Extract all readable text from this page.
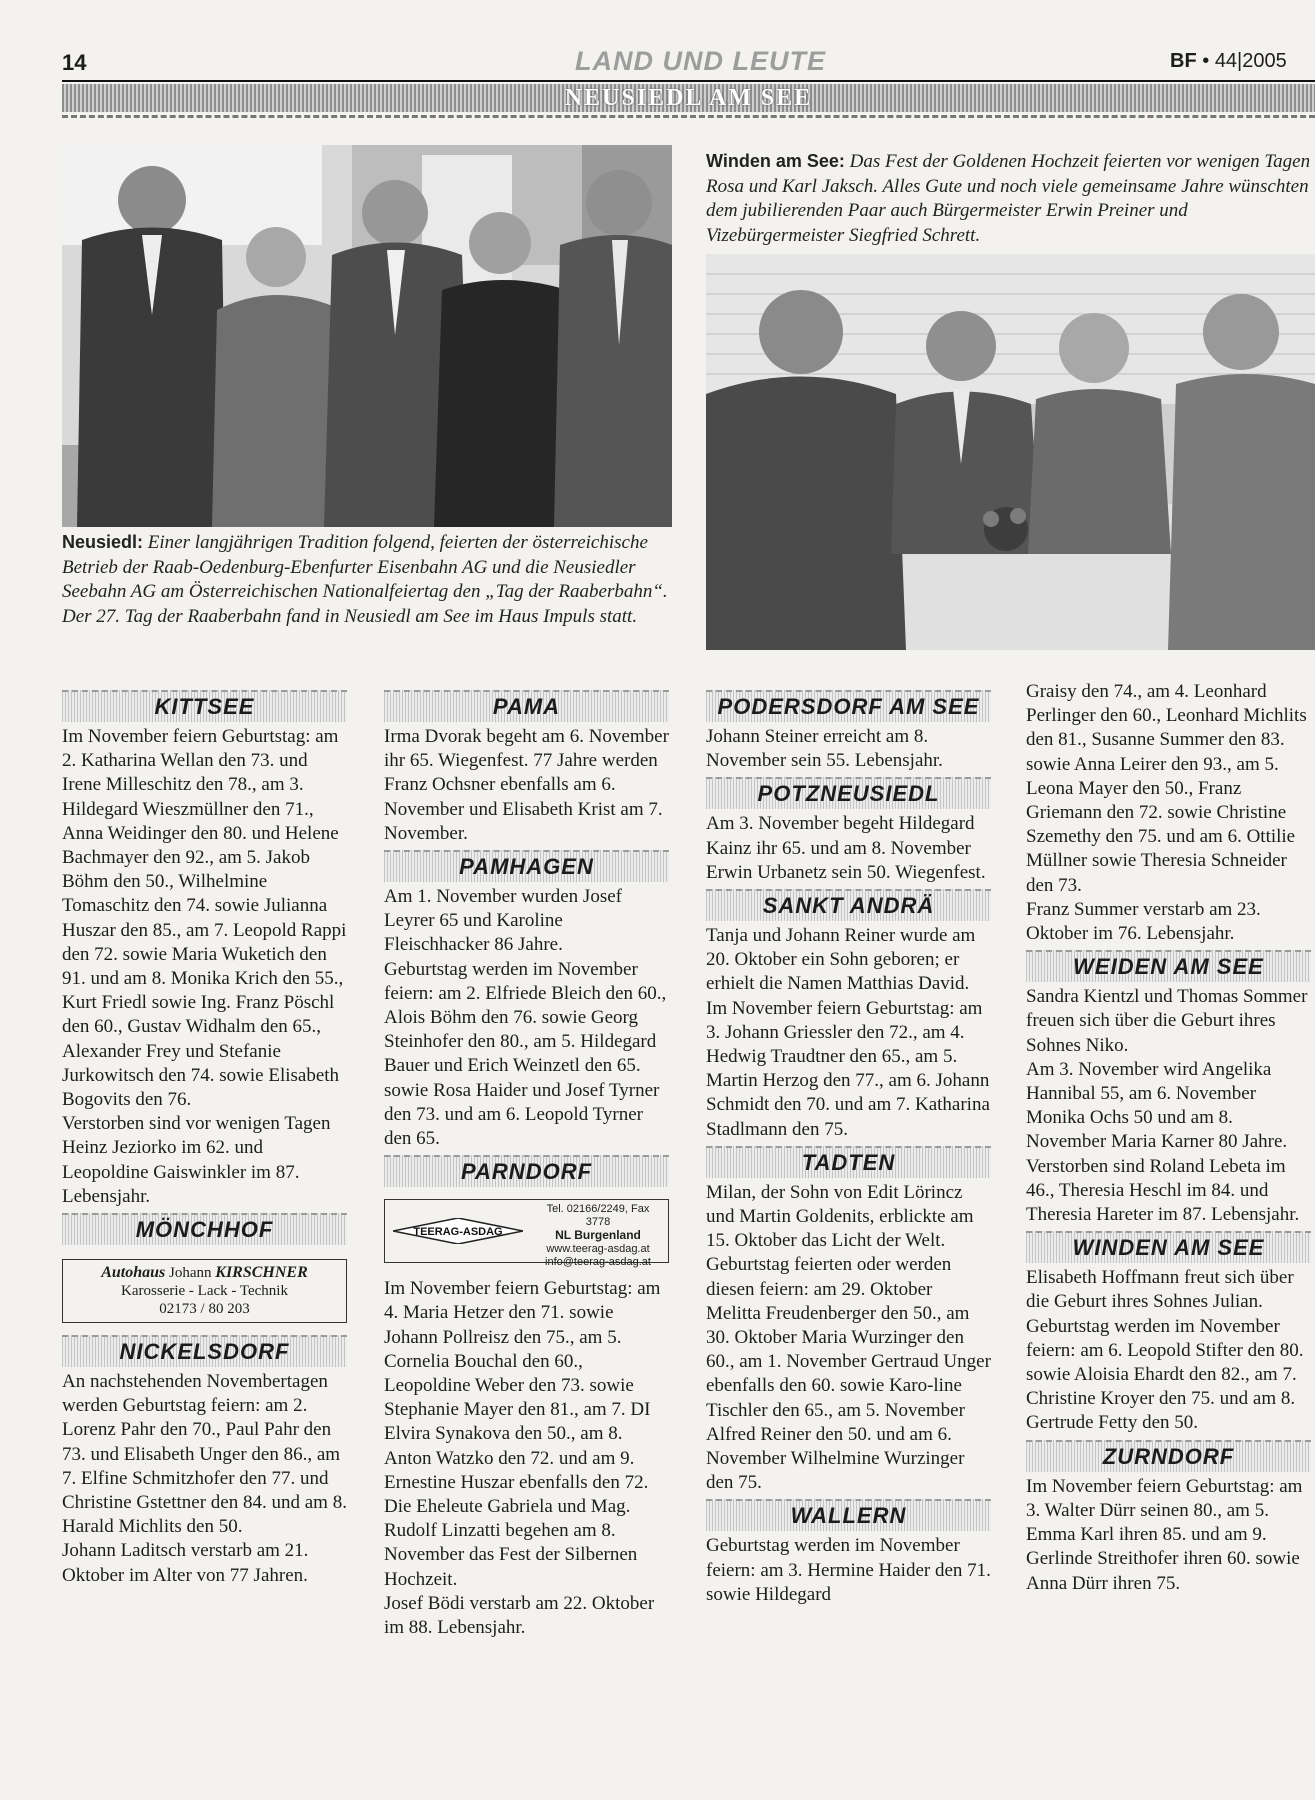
14	LAND UND LEUTE	BF • 44|2005
NEUSIEDL AM SEE
Neusiedl: Einer langjährigen Tradition folgend, feierten der österreichische Betrieb der Raab-Oedenburg-Ebenfurter Eisenbahn AG und die Neusiedler Seebahn AG am Österreichischen Nationalfeiertag den „Tag der Raaberbahn“. Der 27. Tag der Raaberbahn fand in Neusiedl am See im Haus Impuls statt.
Winden am See: Das Fest der Goldenen Hochzeit feierten vor wenigen Tagen Rosa und Karl Jaksch. Alles Gute und noch viele gemeinsame Jahre wünschten dem jubilierenden Paar auch Bürgermeister Erwin Preiner und Vizebürgermeister Siegfried Schrett.
KITTSEE

Im November feiern Geburtstag: am 2. Katharina Wellan den 73. und Irene Milleschitz den 78., am 3. Hildegard Wieszmüllner den 71., Anna Weidinger den 80. und Helene Bachmayer den 92., am 5. Jakob Böhm den 50., Wilhelmine Tomaschitz den 74. sowie Julianna Huszar den 85., am 7. Leopold Rappi den 72. sowie Maria Wuketich den 91. und am 8. Monika Krich den 55., Kurt Friedl sowie Ing. Franz Pöschl den 60., Gustav Widhalm den 65., Alexander Frey und Stefanie Jurkowitsch den 74. sowie Elisabeth Bogovits den 76.

Verstorben sind vor wenigen Tagen Heinz Jeziorko im 62. und Leopoldine Gaiswinkler im 87. Lebensjahr.

MÖNCHHOF
Autohaus Johann KIRSCHNER
Karosserie - Lack - Technik
02173 / 80 203
NICKELSDORF

An nachstehenden Novembertagen werden Geburtstag feiern: am 2. Lorenz Pahr den 70., Paul Pahr den 73. und Elisabeth Unger den 86., am 7. Elfine Schmitzhofer den 77. und Christine Gstettner den 84. und am 8. Harald Michlits den 50.

Johann Laditsch verstarb am 21. Oktober im Alter von 77 Jahren.

PAMA

Irma Dvorak begeht am 6. November ihr 65. Wiegenfest. 77 Jahre werden Franz Ochsner ebenfalls am 6. November und Elisabeth Krist am 7. November.

PAMHAGEN

Am 1. November wurden Josef Leyrer 65 und Karoline Fleischhacker 86 Jahre.

Geburtstag werden im November feiern: am 2. Elfriede Bleich den 60., Alois Böhm den 76. sowie Georg Steinhofer den 80., am 5. Hildegard Bauer und Erich Weinzetl den 65. sowie Rosa Haider und Josef Tyrner den 73. und am 6. Leopold Tyrner den 65.

PARNDORF
TEERAG-ASDAG
Tel. 02166/2249, Fax 3778
NL Burgenland
www.teerag-asdag.at
info@teerag-asdag.at

Im November feiern Geburtstag: am 4. Maria Hetzer den 71. sowie Johann Pollreisz den 75., am 5. Cornelia Bouchal den 60., Leopoldine Weber den 73. sowie Stephanie Mayer den 81., am 7. DI Elvira Synakova den 50., am 8. Anton Watzko den 72. und am 9. Ernestine Huszar ebenfalls den 72.

Die Eheleute Gabriela und Mag. Rudolf Linzatti begehen am 8. November das Fest der Silbernen Hochzeit.

Josef Bödi verstarb am 22. Oktober im 88. Lebensjahr.

PODERSDORF AM SEE

Johann Steiner erreicht am 8. November sein 55. Lebensjahr.

POTZNEUSIEDL

Am 3. November begeht Hildegard Kainz ihr 65. und am 8. November Erwin Urbanetz sein 50. Wiegenfest.

SANKT ANDRÄ

Tanja und Johann Reiner wurde am 20. Oktober ein Sohn geboren; er erhielt die Namen Matthias David.

Im November feiern Geburtstag: am 3. Johann Griessler den 72., am 4. Hedwig Traudtner den 65., am 5. Martin Herzog den 77., am 6. Johann Schmidt den 70. und am 7. Katharina Stadlmann den 75.

TADTEN

Milan, der Sohn von Edit Lörincz und Martin Goldenits, erblickte am 15. Oktober das Licht der Welt.

Geburtstag feierten oder werden diesen feiern: am 29. Oktober Melitta Freudenberger den 50., am 30. Oktober Maria Wurzinger den 60., am 1. November Gertraud Unger ebenfalls den 60. sowie Karo-line Tischler den 65., am 5. November Alfred Reiner den 50. und am 6. November Wilhelmine Wurzinger den 75.

WALLERN

Geburtstag werden im November feiern: am 3. Hermine Haider den 71. sowie Hildegard

Graisy den 74., am 4. Leonhard Perlinger den 60., Leonhard Michlits den 81., Susanne Summer den 83. sowie Anna Leirer den 93., am 5. Leona Mayer den 50., Franz Griemann den 72. sowie Christine Szemethy den 75. und am 6. Ottilie Müllner sowie Theresia Schneider den 73.

Franz Summer verstarb am 23. Oktober im 76. Lebensjahr.

WEIDEN AM SEE

Sandra Kientzl und Thomas Sommer freuen sich über die Geburt ihres Sohnes Niko.

Am 3. November wird Angelika Hannibal 55, am 6. November Monika Ochs 50 und am 8. November Maria Karner 80 Jahre.

Verstorben sind Roland Lebeta im 46., Theresia Heschl im 84. und Theresia Hareter im 87. Lebensjahr.

WINDEN AM SEE

Elisabeth Hoffmann freut sich über die Geburt ihres Sohnes Julian.

Geburtstag werden im November feiern: am 6. Leopold Stifter den 80. sowie Aloisia Ehardt den 82., am 7. Christine Kroyer den 75. und am 8. Gertrude Fetty den 50.

ZURNDORF

Im November feiern Geburtstag: am 3. Walter Dürr seinen 80., am 5. Emma Karl ihren 85. und am 9. Gerlinde Streithofer ihren 60. sowie Anna Dürr ihren 75.
